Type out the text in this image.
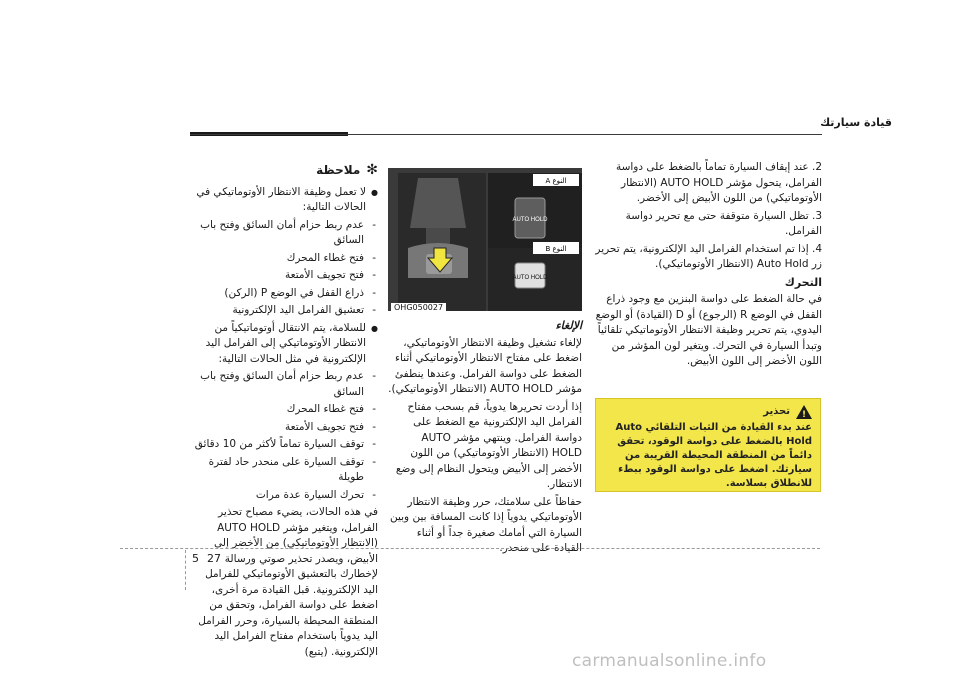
قيادة سيارتك

2. عند إيقاف السيارة تماماً بالضغط على دواسة الفرامل، يتحول مؤشر AUTO HOLD (الانتظار الأوتوماتيكي) من اللون الأبيض إلى الأخضر.

3. تظل السيارة متوقفة حتى مع تحرير دواسة الفرامل.

4. إذا تم استخدام الفرامل اليد الإلكترونية، يتم تحرير زر Auto Hold (الانتظار الأوتوماتيكي).

التحرك

في حالة الضغط على دواسة البنزين مع وجود ذراع القفل في الوضع R (الرجوع) أو D (القيادة) أو الوضع اليدوي، يتم تحرير وظيفة الانتظار الأوتوماتيكي تلقائياً وتبدأ السيارة في التحرك. ويتغير لون المؤشر من اللون الأخضر إلى اللون الأبيض.

!
تحذير
عند بدء القيادة من الثبات التلقائي Auto Hold بالضغط على دواسة الوقود، تحقق دائماً من المنطقة المحيطة القريبة من سيارتك. اضغط على دواسة الوقود ببطء للانطلاق بسلاسة.
AUTO HOLD
AUTO HOLD
النوع A
النوع B
OHG050027

الإلغاء

لإلغاء تشغيل وظيفة الانتظار الأوتوماتيكي، اضغط على مفتاح الانتظار الأوتوماتيكي أثناء الضغط على دواسة الفرامل. وعندها ينطفئ مؤشر AUTO HOLD (الانتظار الأوتوماتيكي).

إذا أردت تحريرها يدوياً، قم بسحب مفتاح الفرامل اليد الإلكترونية مع الضغط على دواسة الفرامل. وينتهي مؤشر AUTO HOLD (الانتظار الأوتوماتيكي) من اللون الأخضر إلى الأبيض ويتحول النظام إلى وضع الانتظار.

حفاظاً على سلامتك، حرر وظيفة الانتظار الأوتوماتيكي يدوياً إذا كانت المسافة بين وبين السيارة التي أمامك صغيرة جداً أو أثناء القيادة على منحدر.

✻
ملاحظة

● لا تعمل وظيفة الانتظار الأوتوماتيكي في الحالات التالية:

- عدم ربط حزام أمان السائق وفتح باب السائق

- فتح غطاء المحرك

- فتح تجويف الأمتعة

- ذراع القفل في الوضع P (الركن)

- تعشيق الفرامل اليد الإلكترونية

● للسلامة، يتم الانتقال أوتوماتيكياً من الانتظار الأوتوماتيكي إلى الفرامل اليد الإلكترونية في مثل الحالات التالية:

- عدم ربط حزام أمان السائق وفتح باب السائق

- فتح غطاء المحرك

- فتح تجويف الأمتعة

- توقف السيارة تماماً لأكثر من 10 دقائق

- توقف السيارة على منحدر حاد لفترة طويلة

- تحرك السيارة عدة مرات

في هذه الحالات، يضيء مصباح تحذير الفرامل، ويتغير مؤشر AUTO HOLD (الانتظار الأوتوماتيكي) من الأخضر إلى الأبيض، ويصدر تحذير صوتي ورسالة لإخطارك بالتعشيق الأوتوماتيكي للفرامل اليد الإلكترونية. قبل القيادة مرة أخرى، اضغط على دواسة الفرامل، وتحقق من المنطقة المحيطة بالسيارة، وحرر الفرامل اليد يدوياً باستخدام مفتاح الفرامل اليد الإلكترونية. (يتبع)

5 27
carmanualsonline.info
